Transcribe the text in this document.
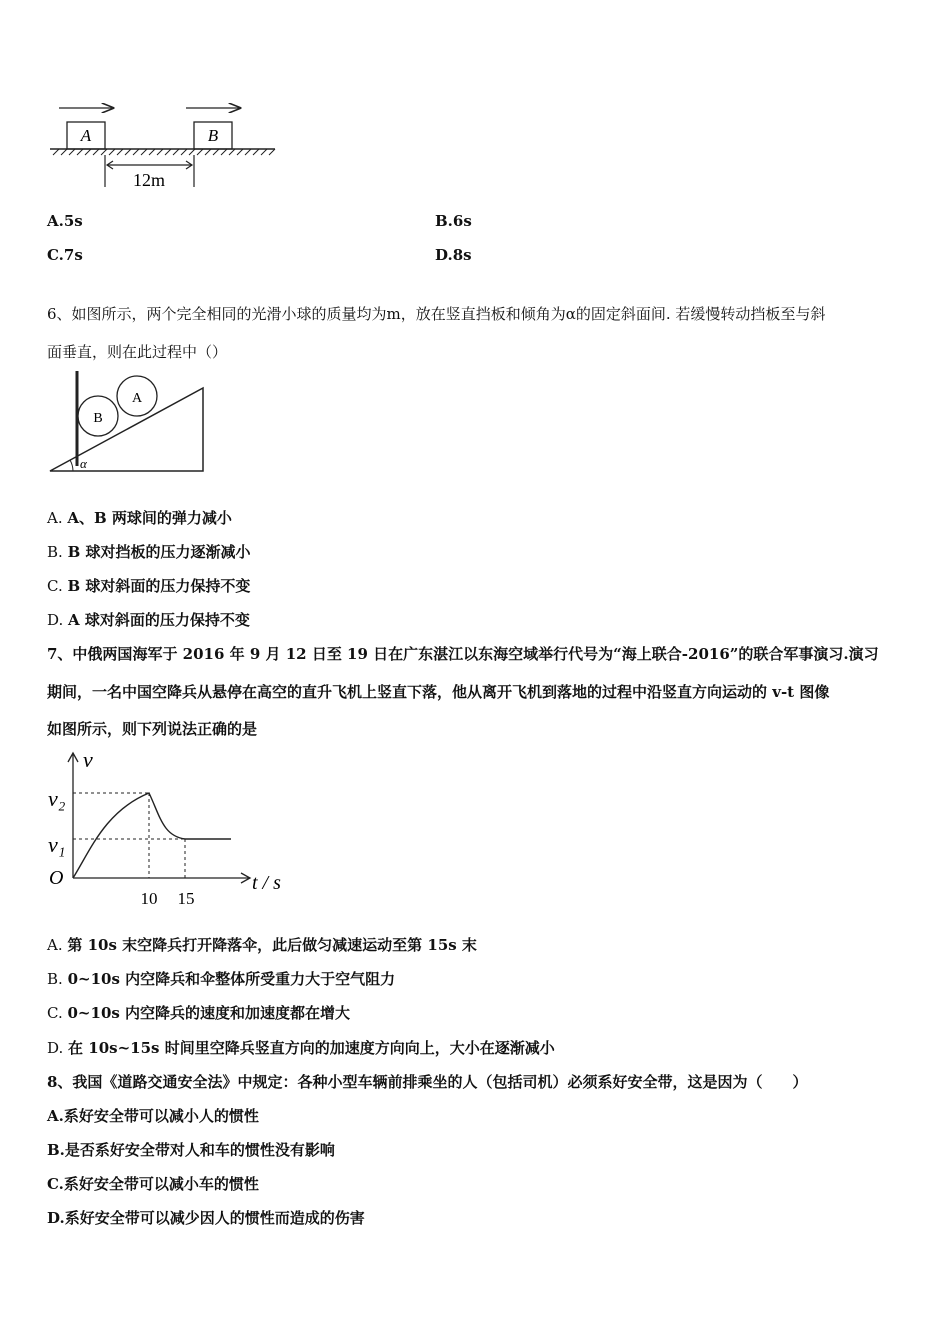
A	B
12m
A.5s	B.6s
C.7s	D.8s
6、如图所示，两个完全相同的光滑小球的质量均为m，放在竖直挡板和倾角为α的固定斜面间. 若缓慢转动挡板至与斜
面垂直，则在此过程中（）
B
A
α
A. A、B 两球间的弹力减小
B. B 球对挡板的压力逐渐减小
C. B 球对斜面的压力保持不变
D. A 球对斜面的压力保持不变
7、中俄两国海军于 2016 年 9 月 12 日至 19 日在广东湛江以东海空域举行代号为“海上联合-2016”的联合军事演习.演习
期间，一名中国空降兵从悬停在高空的直升飞机上竖直下落，他从离开飞机到落地的过程中沿竖直方向运动的 v-t 图像
如图所示，则下列说法正确的是
v
v₂
v₁
O
10 15
t / s
A. 第 10s 末空降兵打开降落伞，此后做匀减速运动至第 15s 末
B. 0~10s 内空降兵和伞整体所受重力大于空气阻力
C. 0~10s 内空降兵的速度和加速度都在增大
D. 在 10s~15s 时间里空降兵竖直方向的加速度方向向上，大小在逐渐减小
8、我国《道路交通安全法》中规定：各种小型车辆前排乘坐的人（包括司机）必须系好安全带，这是因为（　　）
A.系好安全带可以减小人的惯性
B.是否系好安全带对人和车的惯性没有影响
C.系好安全带可以减小车的惯性
D.系好安全带可以减少因人的惯性而造成的伤害
